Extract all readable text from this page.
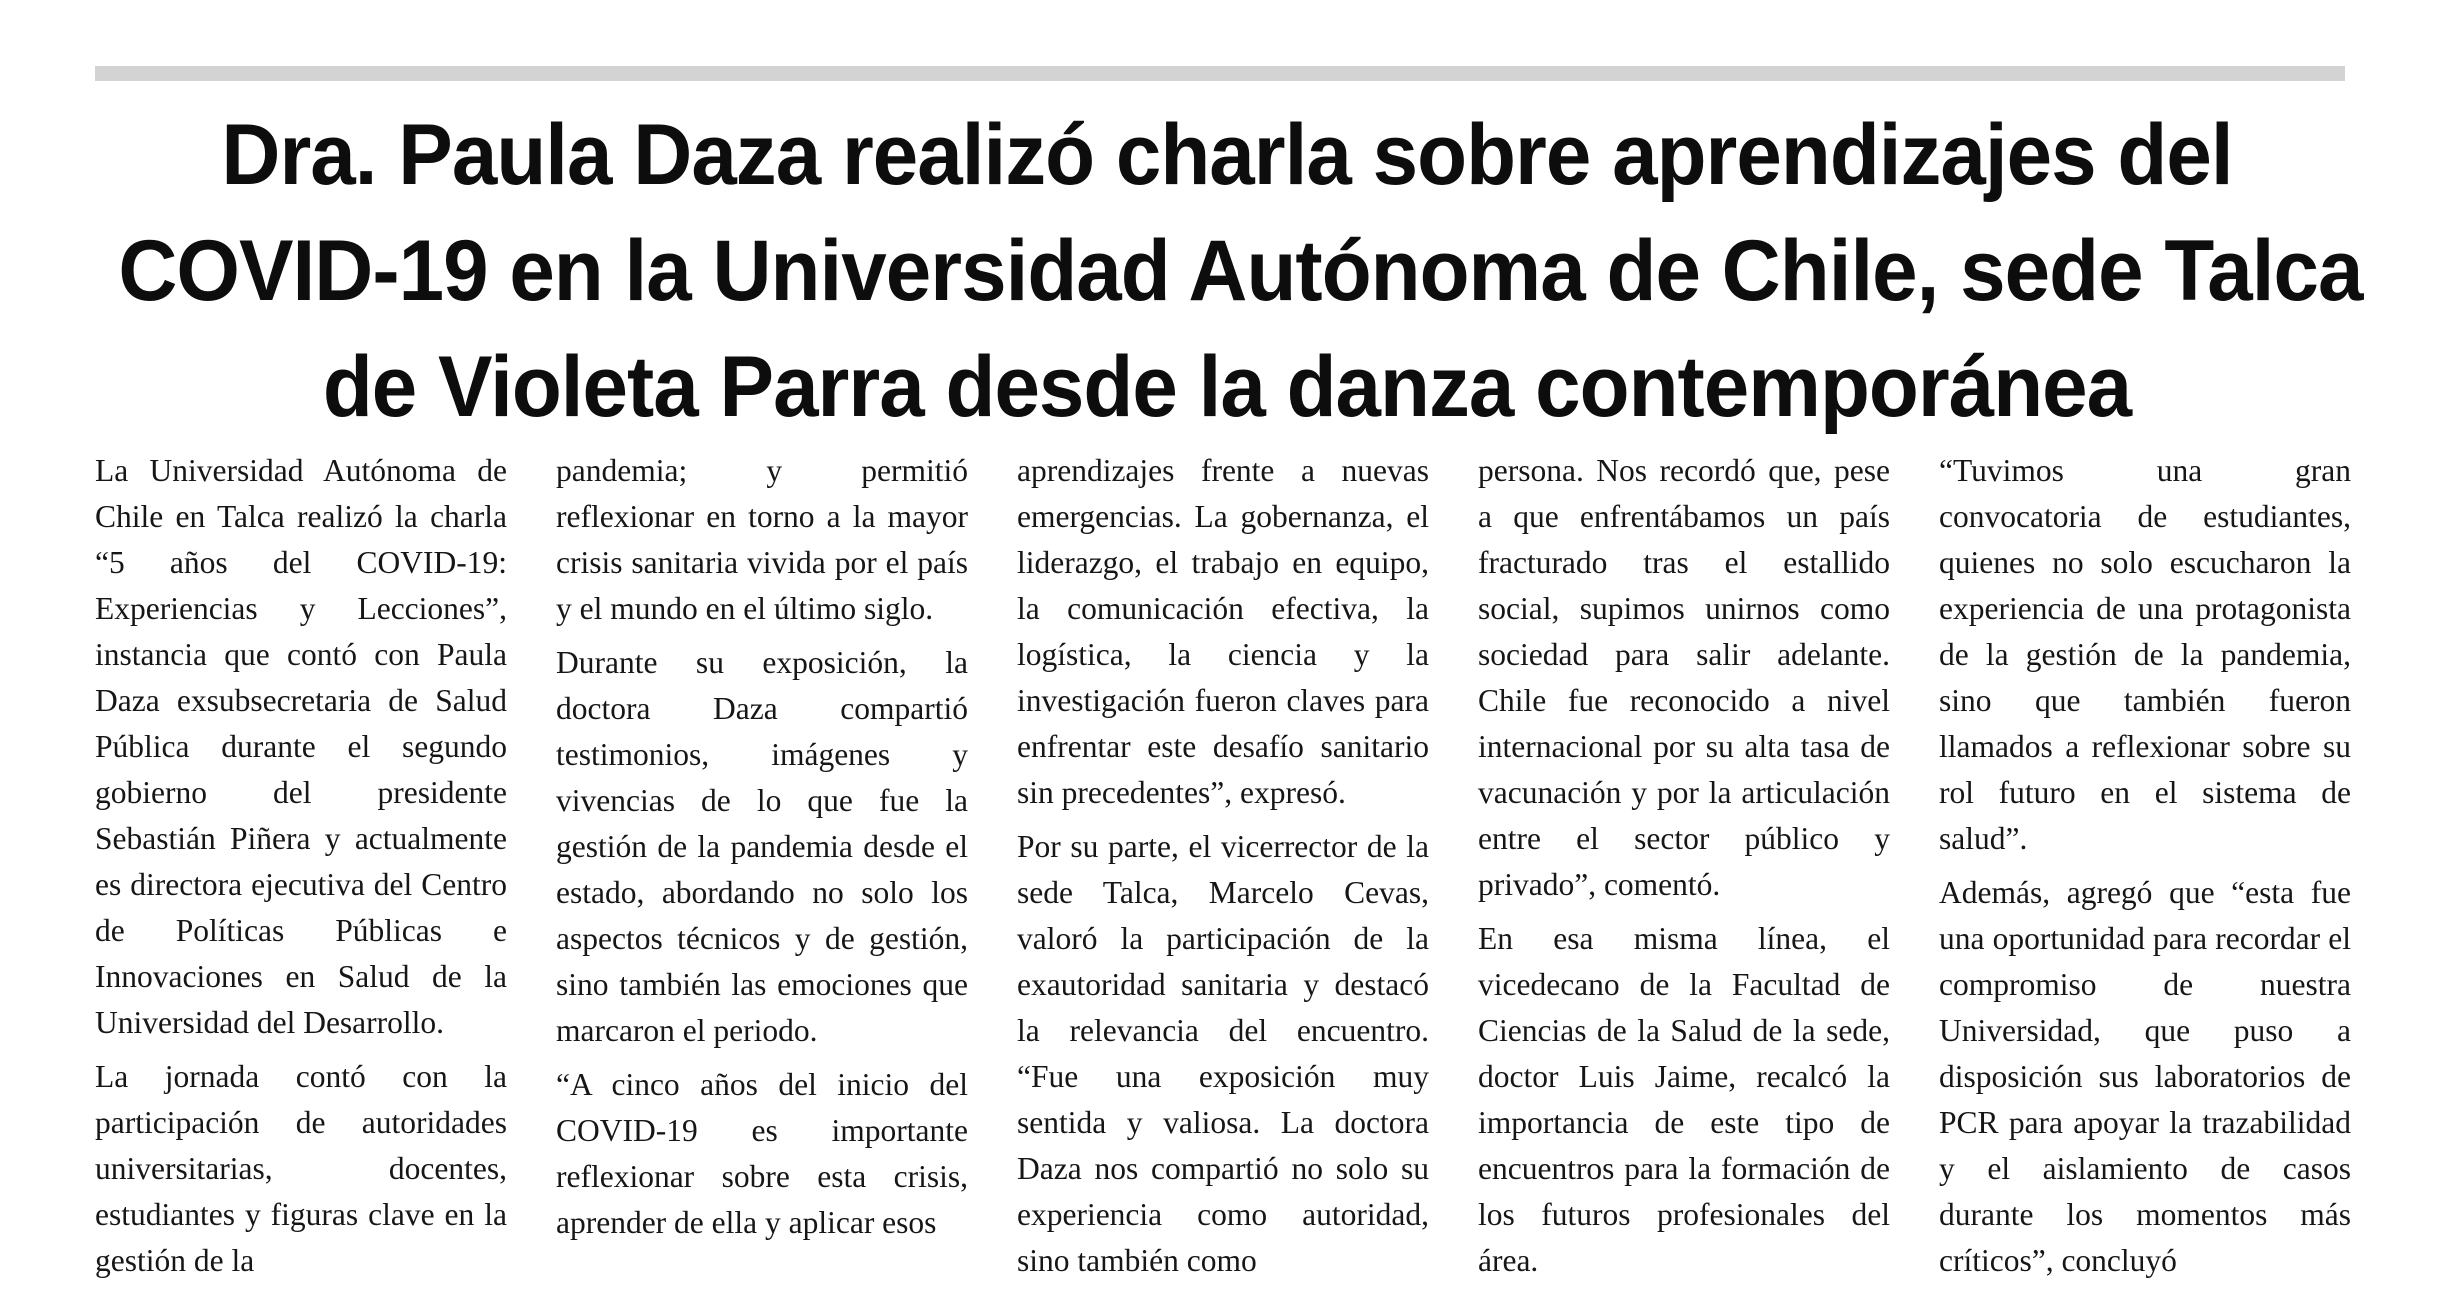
Dra. Paula Daza realizó charla sobre aprendizajes del
COVID-19 en la Universidad Autónoma de Chile, sede Talca
de Violeta Parra desde la danza contemporánea

La Universidad Autónoma de Chile en Talca realizó la charla “5 años del COVID-19: Experiencias y Lecciones”, instancia que contó con Paula Daza exsubsecretaria de Salud Pública durante el segundo gobierno del presidente Sebastián Piñera y actualmente es directora ejecutiva del Centro de Políticas Públicas e Innovaciones en Salud de la Universidad del Desarrollo.

La jornada contó con la participación de autoridades universitarias, docentes, estudiantes y figuras clave en la gestión de la

pandemia; y permitió reflexionar en torno a la mayor crisis sanitaria vivida por el país y el mundo en el último siglo.

Durante su exposición, la doctora Daza compartió testimonios, imágenes y vivencias de lo que fue la gestión de la pandemia desde el estado, abordando no solo los aspectos técnicos y de gestión, sino también las emociones que marcaron el periodo.

“A cinco años del inicio del COVID-19 es importante reflexionar sobre esta crisis, aprender de ella y aplicar esos

aprendizajes frente a nuevas emergencias. La gobernanza, el liderazgo, el trabajo en equipo, la comunicación efectiva, la logística, la ciencia y la investigación fueron claves para enfrentar este desafío sanitario sin precedentes”, expresó.

Por su parte, el vicerrector de la sede Talca, Marcelo Cevas, valoró la participación de la exautoridad sanitaria y destacó la relevancia del encuentro. “Fue una exposición muy sentida y valiosa. La doctora Daza nos compartió no solo su experiencia como autoridad, sino también como

persona. Nos recordó que, pese a que enfrentábamos un país fracturado tras el estallido social, supimos unirnos como sociedad para salir adelante. Chile fue reconocido a nivel internacional por su alta tasa de vacunación y por la articulación entre el sector público y privado”, comentó.

En esa misma línea, el vicedecano de la Facultad de Ciencias de la Salud de la sede, doctor Luis Jaime, recalcó la importancia de este tipo de encuentros para la formación de los futuros profesionales del área.

“Tuvimos una gran convocatoria de estudiantes, quienes no solo escucharon la experiencia de una protagonista de la gestión de la pandemia, sino que también fueron llamados a reflexionar sobre su rol futuro en el sistema de salud”.

Además, agregó que “esta fue una oportunidad para recordar el compromiso de nuestra Universidad, que puso a disposición sus laboratorios de PCR para apoyar la trazabilidad y el aislamiento de casos durante los momentos más críticos”, concluyó
